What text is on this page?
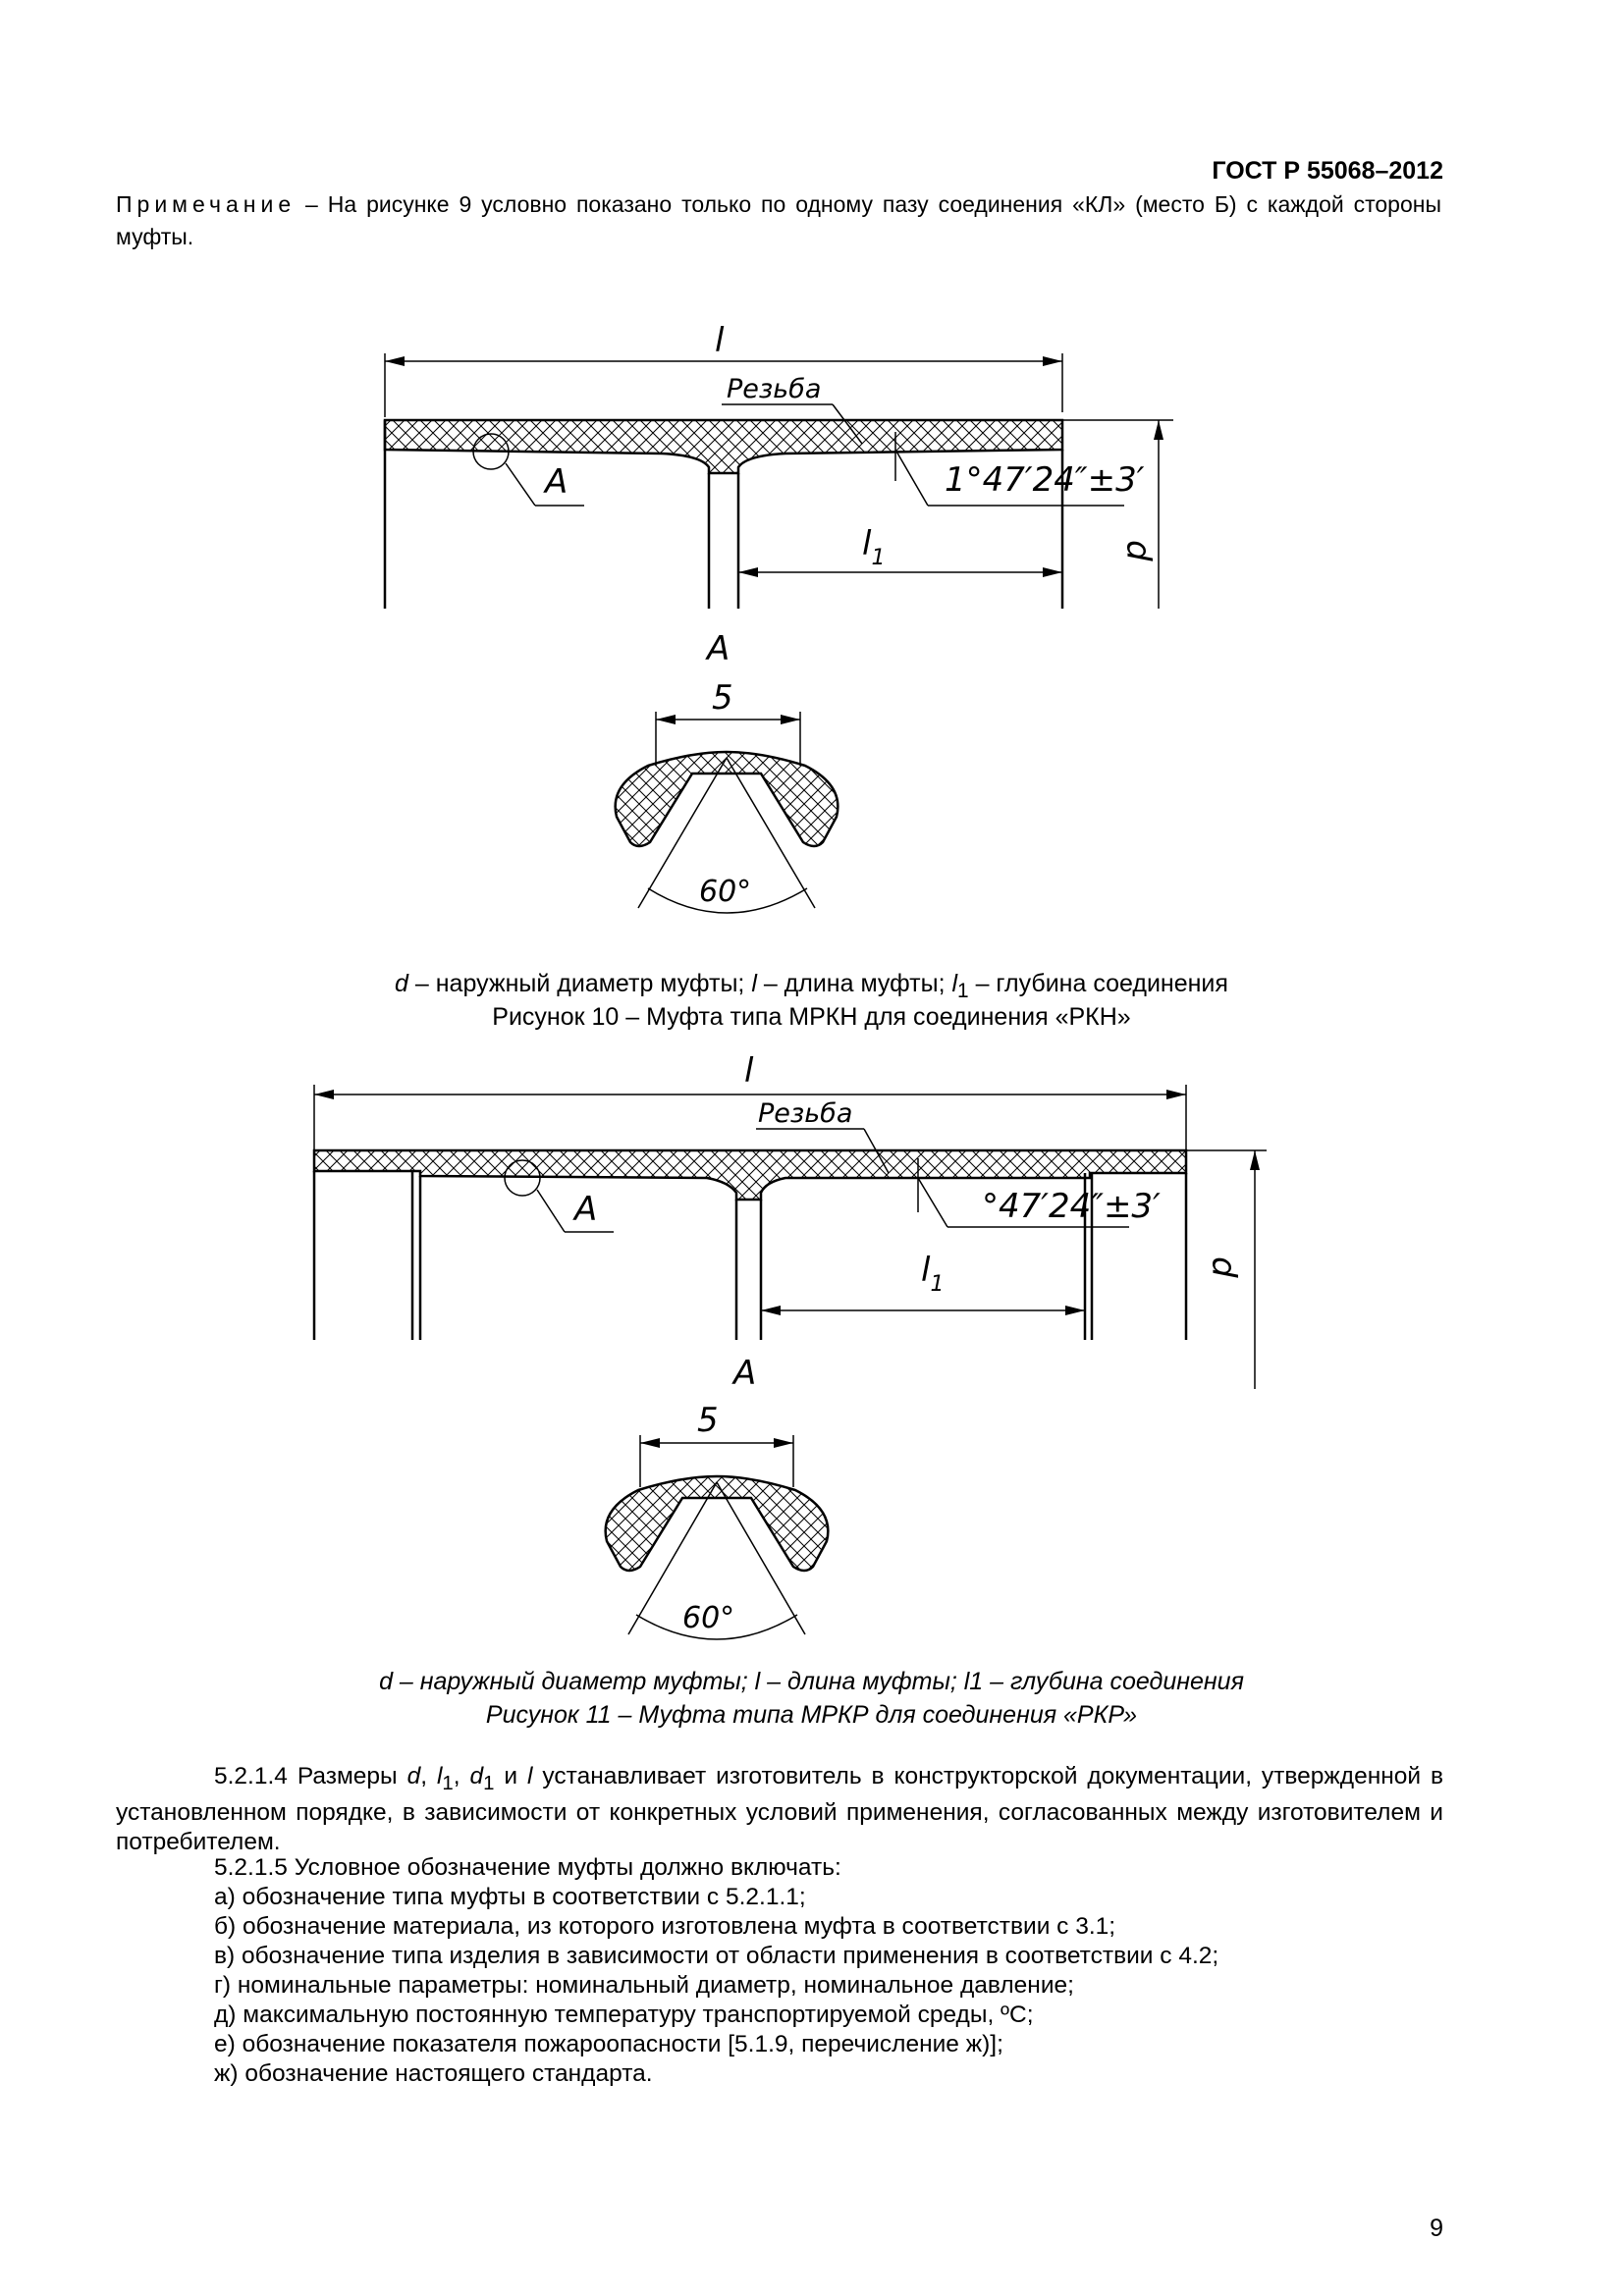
ГОСТ Р 55068–2012
Примечание – На рисунке 9 условно показано только по одному пазу соединения «КЛ» (место Б) с каждой стороны муфты.
l
Резьба
1°47′24″±3′
$l_1$	d
А
А
5
60°
d – наружный диаметр муфты; l – длина муфты; $l_1$ – глубина соединения
Рисунок 10 – Муфта типа МРКН для соединения «РКН»
l
Резьба
°47′24″±3′
$l_1$
d
А
А
5
60°
d – наружный диаметр муфты; l – длина муфты; l1 – глубина соединения
Рисунок 11 – Муфта типа МРКР для соединения «РКР»
5.2.1.4 Размеры d, $l_1$, $d_1$ и l устанавливает изготовитель в конструкторской документации, утвержденной в установленном порядке, в зависимости от конкретных условий применения, согласованных между изготовителем и потребителем.
5.2.1.5 Условное обозначение муфты должно включать:
а) обозначение типа муфты в соответствии с 5.2.1.1;
б) обозначение материала, из которого изготовлена муфта в соответствии с 3.1;
в) обозначение типа изделия в зависимости от области применения в соответствии с 4.2;
г) номинальные параметры: номинальный диаметр, номинальное давление;
д) максимальную постоянную температуру транспортируемой среды, ºС;
е) обозначение показателя пожароопасности [5.1.9, перечисление ж)];
ж) обозначение настоящего стандарта.
9
